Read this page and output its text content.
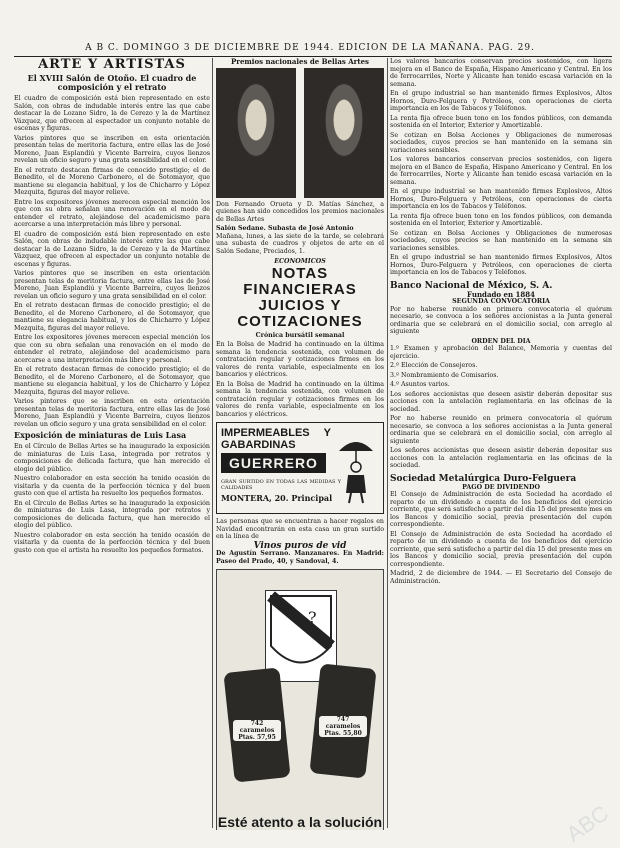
A B C. DOMINGO 3 DE DICIEMBRE DE 1944. EDICION DE LA MAÑANA. PAG. 29.
ARTE Y ARTISTAS
El XVIII Salón de Otoño. El cuadro de composición y el retrato

El cuadro de composición está bien representado en este Salón, con obras de indudable interés entre las que cabe destacar la de Lozano Sidro, la de Cerezo y la de Martínez Vázquez, que ofrecen al espectador un conjunto notable de escenas y figuras.

Varios pintores que se inscriben en esta orientación presentan telas de meritoria factura, entre ellas las de José Moreno, Juan Esplandiú y Vicente Barreira, cuyos lienzos revelan un oficio seguro y una grata sensibilidad en el color.

En el retrato destacan firmas de conocido prestigio; el de Benedito, el de Moreno Carbonero, el de Sotomayor, que mantiene su elegancia habitual, y los de Chicharro y López Mezquita, figuras del mayor relieve.

Entre los expositores jóvenes merecen especial mención los que con su obra señalan una renovación en el modo de entender el retrato, alejándose del academicismo para acercarse a una interpretación más libre y personal.

El cuadro de composición está bien representado en este Salón, con obras de indudable interés entre las que cabe destacar la de Lozano Sidro, la de Cerezo y la de Martínez Vázquez, que ofrecen al espectador un conjunto notable de escenas y figuras.

Varios pintores que se inscriben en esta orientación presentan telas de meritoria factura, entre ellas las de José Moreno, Juan Esplandiú y Vicente Barreira, cuyos lienzos revelan un oficio seguro y una grata sensibilidad en el color.

En el retrato destacan firmas de conocido prestigio; el de Benedito, el de Moreno Carbonero, el de Sotomayor, que mantiene su elegancia habitual, y los de Chicharro y López Mezquita, figuras del mayor relieve.

Entre los expositores jóvenes merecen especial mención los que con su obra señalan una renovación en el modo de entender el retrato, alejándose del academicismo para acercarse a una interpretación más libre y personal.

En el retrato destacan firmas de conocido prestigio; el de Benedito, el de Moreno Carbonero, el de Sotomayor, que mantiene su elegancia habitual, y los de Chicharro y López Mezquita, figuras del mayor relieve.

Varios pintores que se inscriben en esta orientación presentan telas de meritoria factura, entre ellas las de José Moreno, Juan Esplandiú y Vicente Barreira, cuyos lienzos revelan un oficio seguro y una grata sensibilidad en el color.

Exposición de miniaturas de Luis Lasa

En el Círculo de Bellas Artes se ha inaugurado la exposición de miniaturas de Luis Lasa, integrada por retratos y composiciones de delicada factura, que han merecido el elogio del público.

Nuestro colaborador en esta sección ha tenido ocasión de visitarla y da cuenta de la perfección técnica y del buen gusto con que el artista ha resuelto los pequeños formatos.

En el Círculo de Bellas Artes se ha inaugurado la exposición de miniaturas de Luis Lasa, integrada por retratos y composiciones de delicada factura, que han merecido el elogio del público.

Nuestro colaborador en esta sección ha tenido ocasión de visitarla y da cuenta de la perfección técnica y del buen gusto con que el artista ha resuelto los pequeños formatos.

Premios nacionales de Bellas Artes

Don Fernando Orueta y D. Matías Sánchez, a quienes han sido concedidos los premios nacionales de Bellas Artes

Salón Sedane. Subasta de José Antonio

Mañana, lunes, a las siete de la tarde, se celebrará una subasta de cuadros y objetos de arte en el Salón Sedane, Preciados, 1.

ECONOMICOS
NOTAS FINANCIERAS JUICIOS Y COTIZACIONES
Crónica bursátil semanal

En la Bolsa de Madrid ha continuado en la última semana la tendencia sostenida, con volumen de contratación regular y cotizaciones firmes en los valores de renta variable, especialmente en los bancarios y eléctricos.

En la Bolsa de Madrid ha continuado en la última semana la tendencia sostenida, con volumen de contratación regular y cotizaciones firmes en los valores de renta variable, especialmente en los bancarios y eléctricos.

IMPERMEABLES Y GABARDINAS
GUERRERO
GRAN SURTIDO EN TODAS LAS MEDIDAS Y CALIDADES
MONTERA, 20. Principal

Las personas que se encuentran a hacer regalos en Navidad encontrarán en esta casa un gran surtido en la línea de

Vinos puros de vid

De Agustín Serrano. Manzanares. En Madrid: Paseo del Prado, 40, y Sandoval, 4.

?
742 caramelos Ptas. 57,95
747 caramelos Ptas. 55,80
Esté atento a la solución

Los valores bancarios conservan precios sostenidos, con ligera mejora en el Banco de España, Hispano Americano y Central. En los de ferrocarriles, Norte y Alicante han tenido escasa variación en la semana.

En el grupo industrial se han mantenido firmes Explosivos, Altos Hornos, Duro-Felguera y Petróleos, con operaciones de cierta importancia en los de Tabacos y Teléfonos.

La renta fija ofrece buen tono en los fondos públicos, con demanda sostenida en el Interior, Exterior y Amortizable.

Se cotizan en Bolsa Acciones y Obligaciones de numerosas sociedades, cuyos precios se han mantenido en la semana sin variaciones sensibles.

Los valores bancarios conservan precios sostenidos, con ligera mejora en el Banco de España, Hispano Americano y Central. En los de ferrocarriles, Norte y Alicante han tenido escasa variación en la semana.

En el grupo industrial se han mantenido firmes Explosivos, Altos Hornos, Duro-Felguera y Petróleos, con operaciones de cierta importancia en los de Tabacos y Teléfonos.

La renta fija ofrece buen tono en los fondos públicos, con demanda sostenida en el Interior, Exterior y Amortizable.

Se cotizan en Bolsa Acciones y Obligaciones de numerosas sociedades, cuyos precios se han mantenido en la semana sin variaciones sensibles.

En el grupo industrial se han mantenido firmes Explosivos, Altos Hornos, Duro-Felguera y Petróleos, con operaciones de cierta importancia en los de Tabacos y Teléfonos.

Banco Nacional de México, S. A.
Fundado en 1884
SEGUNDA CONVOCATORIA

Por no haberse reunido en primera convocatoria el quórum necesario, se convoca a los señores accionistas a la Junta general ordinaria que se celebrará en el domicilio social, con arreglo al siguiente

ORDEN DEL DIA

1.º Examen y aprobación del Balance, Memoria y cuentas del ejercicio.

2.º Elección de Consejeros.

3.º Nombramiento de Comisarios.

4.º Asuntos varios.

Los señores accionistas que deseen asistir deberán depositar sus acciones con la antelación reglamentaria en las oficinas de la sociedad.

Por no haberse reunido en primera convocatoria el quórum necesario, se convoca a los señores accionistas a la Junta general ordinaria que se celebrará en el domicilio social, con arreglo al siguiente

Los señores accionistas que deseen asistir deberán depositar sus acciones con la antelación reglamentaria en las oficinas de la sociedad.

Sociedad Metalúrgica Duro-Felguera
PAGO DE DIVIDENDO

El Consejo de Administración de esta Sociedad ha acordado el reparto de un dividendo a cuenta de los beneficios del ejercicio corriente, que será satisfecho a partir del día 15 del presente mes en los Bancos y domicilio social, previa presentación del cupón correspondiente.

El Consejo de Administración de esta Sociedad ha acordado el reparto de un dividendo a cuenta de los beneficios del ejercicio corriente, que será satisfecho a partir del día 15 del presente mes en los Bancos y domicilio social, previa presentación del cupón correspondiente.

Madrid, 2 de diciembre de 1944. — El Secretario del Consejo de Administración.

ABC
